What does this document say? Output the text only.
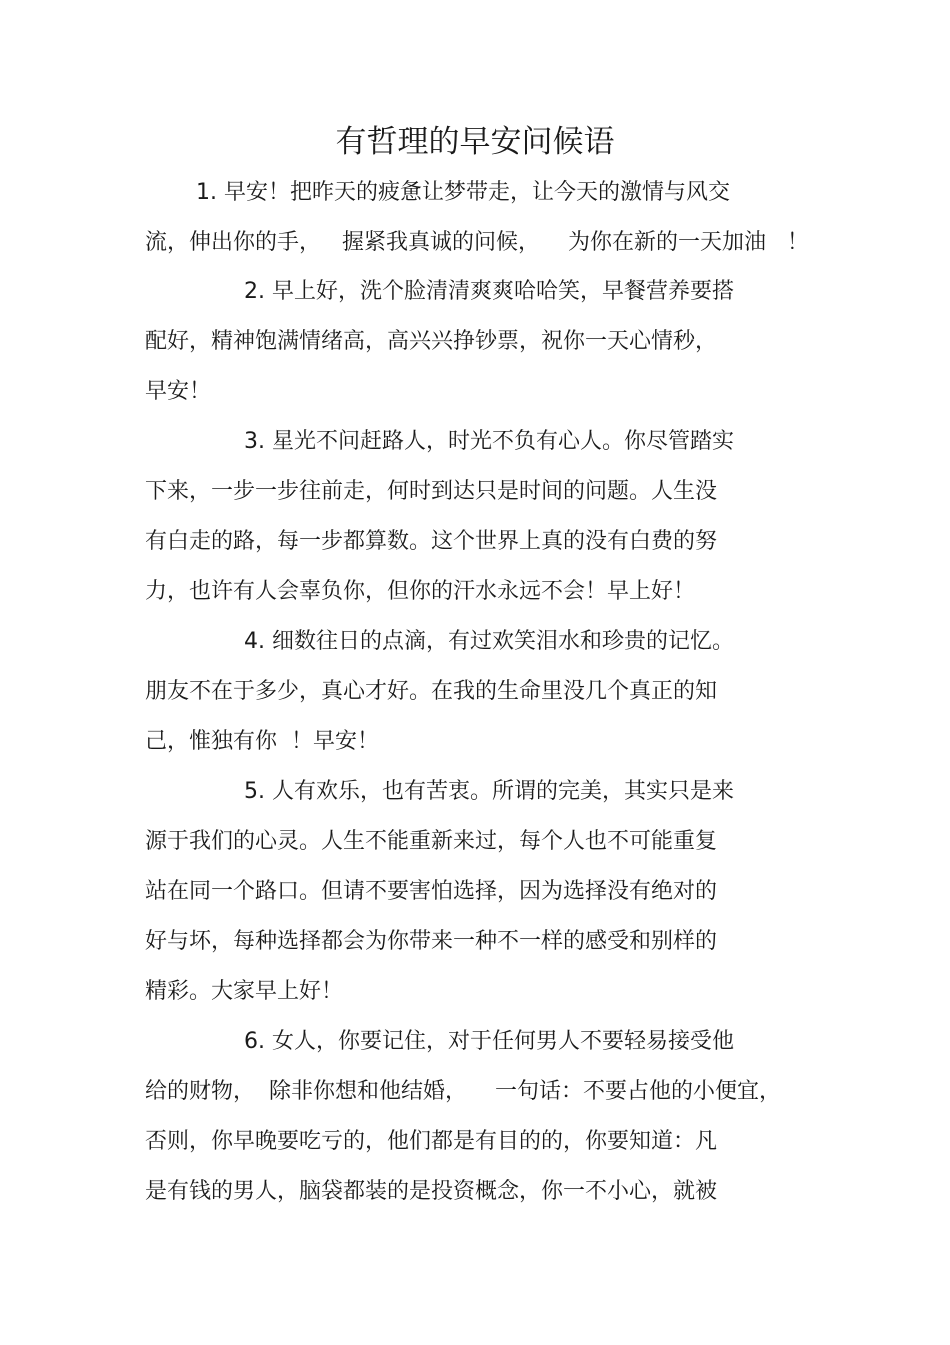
有哲理的早安问候语

1. 早安！把昨天的疲惫让梦带走，让今天的激情与风交

流，伸出你的手，   握紧我真诚的问候，    为你在新的一天加油   ！

2. 早上好，洗个脸清清爽爽哈哈笑，早餐营养要搭

配好，精神饱满情绪高，高兴兴挣钞票，祝你一天心情秒，

早安！

3. 星光不问赶路人，时光不负有心人。你尽管踏实

下来，一步一步往前走，何时到达只是时间的问题。人生没

有白走的路，每一步都算数。这个世界上真的没有白费的努

力，也许有人会辜负你，但你的汗水永远不会！早上好！

4. 细数往日的点滴，有过欢笑泪水和珍贵的记忆。

朋友不在于多少，真心才好。在我的生命里没几个真正的知

己，惟独有你  ！早安！

5. 人有欢乐，也有苦衷。所谓的完美，其实只是来

源于我们的心灵。人生不能重新来过，每个人也不可能重复

站在同一个路口。但请不要害怕选择，因为选择没有绝对的

好与坏，每种选择都会为你带来一种不一样的感受和别样的

精彩。大家早上好！

6. 女人，你要记住，对于任何男人不要轻易接受他

给的财物，  除非你想和他结婚，    一句话：不要占他的小便宜，

否则，你早晚要吃亏的，他们都是有目的的，你要知道：凡

是有钱的男人，脑袋都装的是投资概念，你一不小心，就被
